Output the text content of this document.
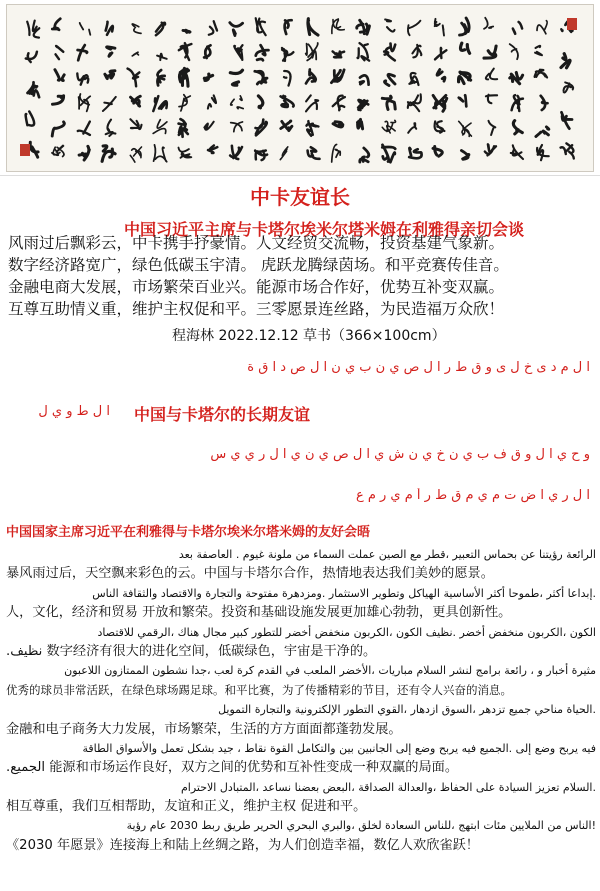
中卡友谊长
中国习近平主席与卡塔尔埃米尔塔米姆在利雅得亲切会谈
风雨过后飘彩云，中卡携手抒豪情。人文经贸交流畅，投资基建气象新。
数字经济路宽广，绿色低碳玉宇清。 虎跃龙腾绿茵场。和平竞赛传佳音。
金融电商大发展，市场繁荣百业兴。能源市场合作好，优势互补变双赢。
互尊互助情义重，维护主权促和平。三零愿景连丝路，为民造福万众欣！
程海林 2022.12.12 草书（366×100cm）
ا ل م د ى خ ل ى و ق ط ر ا ل ص ي ن ب ي ن ا ل ص د ا ق ة
ا ل ط و ي ل	中国与卡塔尔的长期友谊
و ح ي ا ل و ق ف ب ي ن خ ي ن ش ي ا ل ص ي ن ي ا ل ر ي ي س
ا ل ر ي ا ض ت م ي م ق ط ر أ م ي ر م ع
中国国家主席习近平在利雅得与卡塔尔埃米尔塔米姆的友好会晤
الرائعة رؤيتنا عن بحماس التعبير ،قطر مع الصين عملت السماء من ملونة غيوم . العاصفة بعد
暴风雨过后，天空飘来彩色的云。中国与卡塔尔合作，热情地表达我们美妙的愿景。
.إبداعا أكثر ،طموحا أكثر الأساسية الهياكل وتطوير الاستثمار .ومزدهرة مفتوحة والتجارة والاقتصاد والثقافة الناس
人，文化，经济和贸易 开放和繁荣。投资和基础设施发展更加雄心勃勃，更具创新性。
الكون ،الكربون منخفض أخضر .نظيف الكون ،الكربون منخفض أخضر للتطور كبير مجال هناك ،الرقمي للاقتصاد
.نظيف 数字经济有很大的进化空间，低碳绿色，宇宙是干净的。
مثيرة أخبار و ، رائعة برامج لنشر السلام مباريات ،الأخضر الملعب في القدم كرة لعب ،جدا نشطون الممتازون اللاعبون
优秀的球员非常活跃，在绿色球场踢足球。和平比赛，为了传播精彩的节目，还有令人兴奋的消息。
.الحياة مناحي جميع تزدهر ،السوق ازدهار ،القوي التطور الإلكترونية والتجارة التمويل
金融和电子商务大力发展，市场繁荣，生活的方方面面都蓬勃发展。
فيه يربح وضع إلى .الجميع فيه يربح وضع إلى الجانبين بين والتكامل القوة نقاط ، جيد بشكل تعمل والأسواق الطاقة
.الجميع 能源和市场运作良好，双方之间的优势和互补性变成一种双赢的局面。
.السلام تعزيز السيادة على الحفاظ ،والعدالة الصداقة ،البعض بعضنا نساعد ،المتبادل الاحترام
相互尊重，我们互相帮助，友谊和正义，维护主权 促进和平。
!الناس من الملايين مئات ابتهج ،للناس السعادة لخلق ،والبري البحري الحرير طريق ربط 2030 عام رؤية
《2030 年愿景》连接海上和陆上丝绸之路，为人们创造幸福，数亿人欢欣雀跃！
